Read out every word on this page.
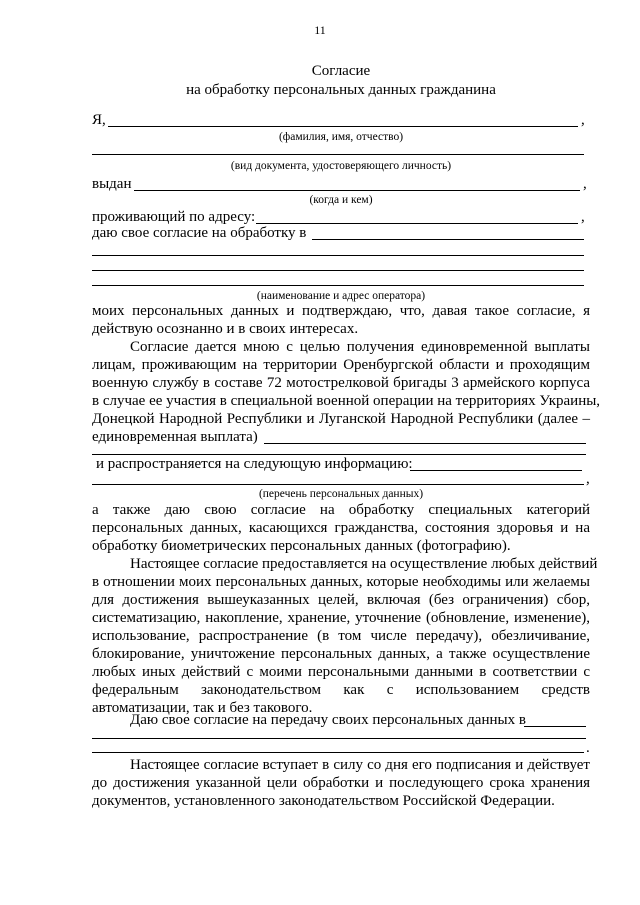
11
Согласие
на обработку персональных данных гражданина
Я,	,
(фамилия, имя, отчество)
(вид документа, удостоверяющего личность)
выдан	,
(когда и кем)
проживающий по адресу:	,
даю свое согласие на обработку в
(наименование и адрес оператора)
моих персональных данных и подтверждаю, что, давая такое согласие, я
действую осознанно и в своих интересах.
Согласие дается мною с целью получения единовременной выплаты
лицам, проживающим на территории Оренбургской области и проходящим
военную службу в составе 72 мотострелковой бригады 3 армейского корпуса
в случае ее участия в специальной военной операции на территориях Украины,
Донецкой Народной Республики и Луганской Народной Республики (далее –
единовременная выплата)
и распространяется на следующую информацию:
,
(перечень персональных данных)
а также даю свою согласие на обработку специальных категорий
персональных данных, касающихся гражданства, состояния здоровья и на
обработку биометрических персональных данных (фотографию).
Настоящее согласие предоставляется на осуществление любых действий
в отношении моих персональных данных, которые необходимы или желаемы
для достижения вышеуказанных целей, включая (без ограничения) сбор,
систематизацию, накопление, хранение, уточнение (обновление, изменение),
использование, распространение (в том числе передачу), обезличивание,
блокирование, уничтожение персональных данных, а также осуществление
любых иных действий с моими персональными данными в соответствии с
федеральным законодательством как с использованием средств
автоматизации, так и без такового.
Даю свое согласие на передачу своих персональных данных в
.
Настоящее согласие вступает в силу со дня его подписания и действует
до достижения указанной цели обработки и последующего срока хранения
документов, установленного законодательством Российской Федерации.
